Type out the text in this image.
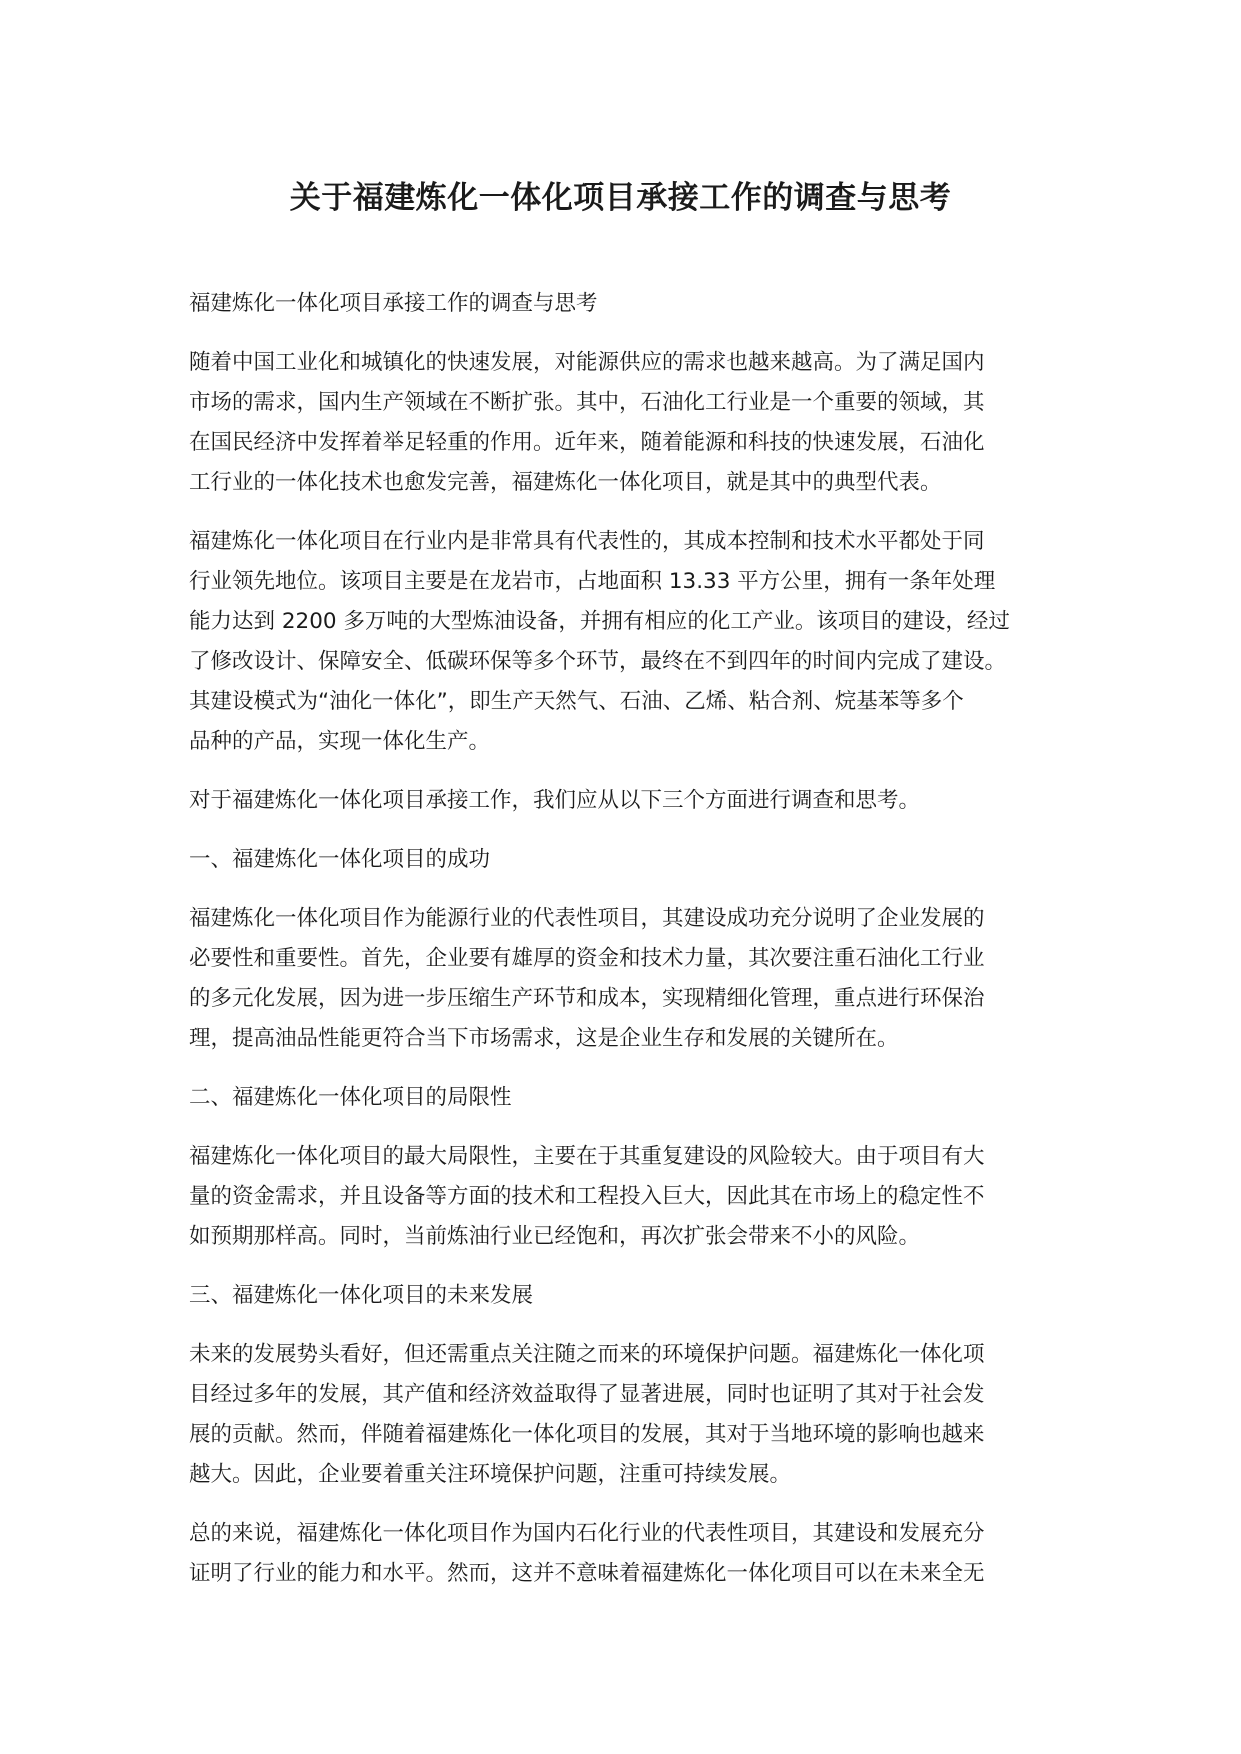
关于福建炼化一体化项目承接工作的调查与思考

福建炼化一体化项目承接工作的调查与思考

随着中国工业化和城镇化的快速发展，对能源供应的需求也越来越高。为了满足国内
市场的需求，国内生产领域在不断扩张。其中，石油化工行业是一个重要的领域，其
在国民经济中发挥着举足轻重的作用。近年来，随着能源和科技的快速发展，石油化
工行业的一体化技术也愈发完善，福建炼化一体化项目，就是其中的典型代表。

福建炼化一体化项目在行业内是非常具有代表性的，其成本控制和技术水平都处于同
行业领先地位。该项目主要是在龙岩市，占地面积 13.33 平方公里，拥有一条年处理
能力达到 2200 多万吨的大型炼油设备，并拥有相应的化工产业。该项目的建设，经过
了修改设计、保障安全、低碳环保等多个环节，最终在不到四年的时间内完成了建设。
其建设模式为“油化一体化”，即生产天然气、石油、乙烯、粘合剂、烷基苯等多个
品种的产品，实现一体化生产。

对于福建炼化一体化项目承接工作，我们应从以下三个方面进行调查和思考。

一、福建炼化一体化项目的成功

福建炼化一体化项目作为能源行业的代表性项目，其建设成功充分说明了企业发展的
必要性和重要性。首先，企业要有雄厚的资金和技术力量，其次要注重石油化工行业
的多元化发展，因为进一步压缩生产环节和成本，实现精细化管理，重点进行环保治
理，提高油品性能更符合当下市场需求，这是企业生存和发展的关键所在。

二、福建炼化一体化项目的局限性

福建炼化一体化项目的最大局限性，主要在于其重复建设的风险较大。由于项目有大
量的资金需求，并且设备等方面的技术和工程投入巨大，因此其在市场上的稳定性不
如预期那样高。同时，当前炼油行业已经饱和，再次扩张会带来不小的风险。

三、福建炼化一体化项目的未来发展

未来的发展势头看好，但还需重点关注随之而来的环境保护问题。福建炼化一体化项
目经过多年的发展，其产值和经济效益取得了显著进展，同时也证明了其对于社会发
展的贡献。然而，伴随着福建炼化一体化项目的发展，其对于当地环境的影响也越来
越大。因此，企业要着重关注环境保护问题，注重可持续发展。

总的来说，福建炼化一体化项目作为国内石化行业的代表性项目，其建设和发展充分
证明了行业的能力和水平。然而，这并不意味着福建炼化一体化项目可以在未来全无
